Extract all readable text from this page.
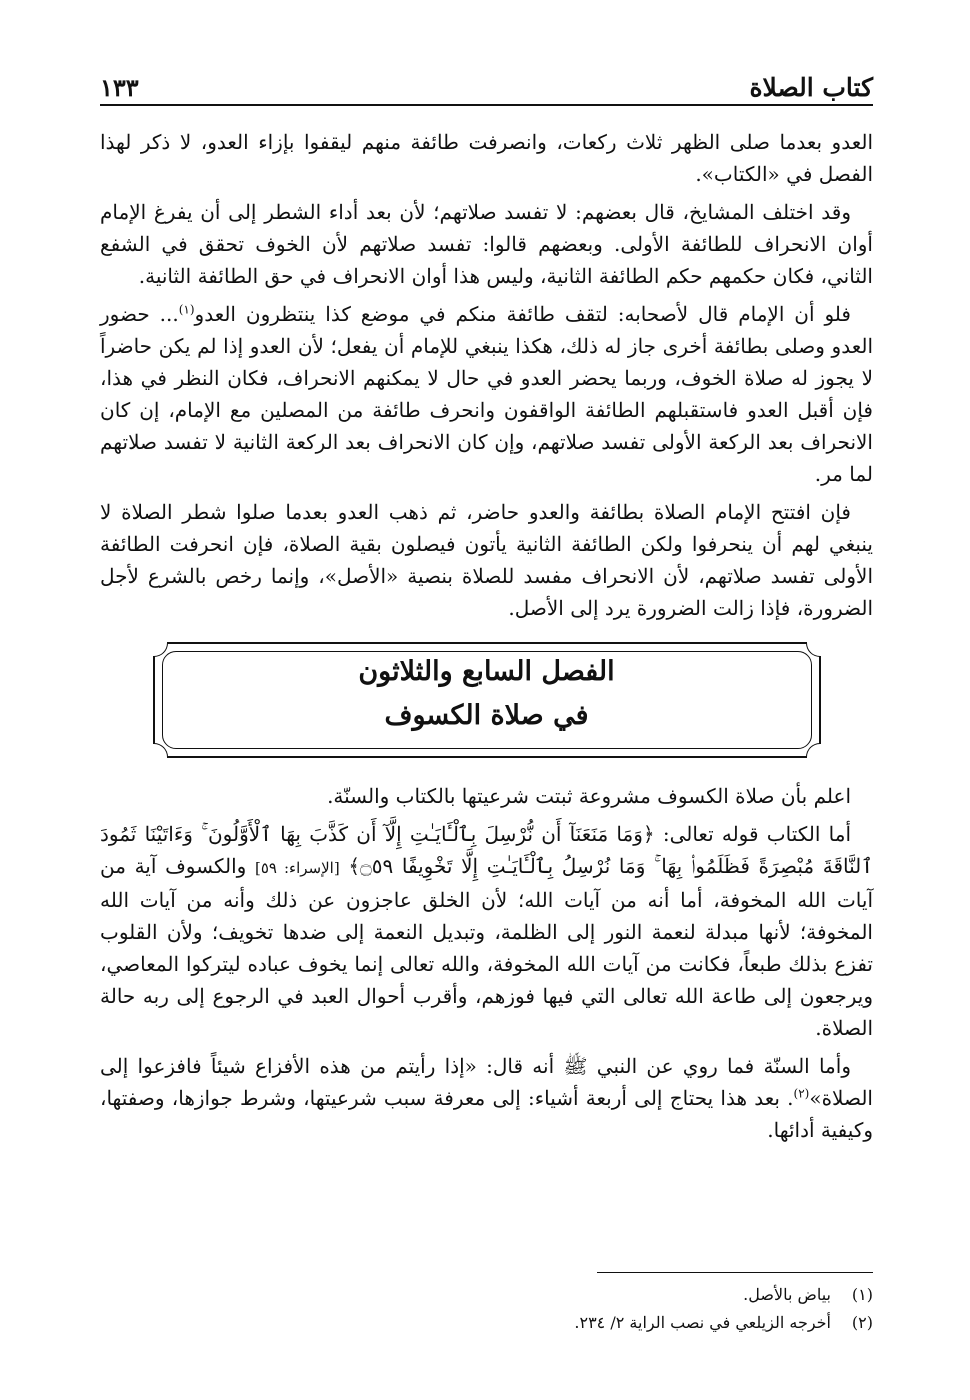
كتاب الصلاة
١٣٣

العدو بعدما صلى الظهر ثلاث ركعات، وانصرفت طائفة منهم ليقفوا بإزاء العدو، لا ذكر لهذا الفصل في «الكتاب».

وقد اختلف المشايخ، قال بعضهم: لا تفسد صلاتهم؛ لأن بعد أداء الشطر إلى أن يفرغ الإمام أوان الانحراف للطائفة الأولى. وبعضهم قالوا: تفسد صلاتهم لأن الخوف تحقق في الشفع الثاني، فكان حكمهم حكم الطائفة الثانية، وليس هذا أوان الانحراف في حق الطائفة الثانية.

فلو أن الإمام قال لأصحابه: لتقف طائفة منكم في موضع كذا ينتظرون العدو$^{(١)}$... حضور العدو وصلى بطائفة أخرى جاز له ذلك، هكذا ينبغي للإمام أن يفعل؛ لأن العدو إذا لم يكن حاضراً لا يجوز له صلاة الخوف، وربما يحضر العدو في حال لا يمكنهم الانحراف، فكان النظر في هذا، فإن أقبل العدو فاستقبلهم الطائفة الواقفون وانحرف طائفة من المصلين مع الإمام، إن كان الانحراف بعد الركعة الأولى تفسد صلاتهم، وإن كان الانحراف بعد الركعة الثانية لا تفسد صلاتهم لما مر.

فإن افتتح الإمام الصلاة بطائفة والعدو حاضر، ثم ذهب العدو بعدما صلوا شطر الصلاة لا ينبغي لهم أن ينحرفوا ولكن الطائفة الثانية يأتون فيصلون بقية الصلاة، فإن انحرفت الطائفة الأولى تفسد صلاتهم، لأن الانحراف مفسد للصلاة بنصية «الأصل»، وإنما رخص بالشرع لأجل الضرورة، فإذا زالت الضرورة يرد إلى الأصل.

الفصل السابع والثلاثون
في صلاة الكسوف

اعلم بأن صلاة الكسوف مشروعة ثبتت شرعيتها بالكتاب والسنّة.

أما الكتاب قوله تعالى: ﴿وَمَا مَنَعَنَآ أَن نُّرْسِلَ بِٱلْـَٔايَـٰتِ إِلَّآ أَن كَذَّبَ بِهَا ٱلْأَوَّلُونَ ۚ وَءَاتَيْنَا ثَمُودَ ٱلنَّاقَةَ مُبْصِرَةً فَظَلَمُوا۟ بِهَا ۚ وَمَا نُرْسِلُ بِٱلْـَٔايَـٰتِ إِلَّا تَخْوِيفًا ۝٥٩﴾ [الإسراء: ٥٩] والكسوف آية من آيات الله المخوفة، أما أنه من آيات الله؛ لأن الخلق عاجزون عن ذلك وأنه من آيات الله المخوفة؛ لأنها مبدلة لنعمة النور إلى الظلمة، وتبديل النعمة إلى ضدها تخويف؛ ولأن القلوب تفزع بذلك طبعاً، فكانت من آيات الله المخوفة، والله تعالى إنما يخوف عباده ليتركوا المعاصي، ويرجعون إلى طاعة الله تعالى التي فيها فوزهم، وأقرب أحوال العبد في الرجوع إلى ربه حالة الصلاة.

وأما السنّة فما روي عن النبي ﷺ أنه قال: «إذا رأيتم من هذه الأفزاع شيئاً فافزعوا إلى الصلاة»$^{(٢)}$. بعد هذا يحتاج إلى أربعة أشياء: إلى معرفة سبب شرعيتها، وشرط جوازها، وصفتها، وكيفية أدائها.

(١)
بياض بالأصل.
(٢)
أخرجه الزيلعي في نصب الراية ٢/ ٢٣٤.
